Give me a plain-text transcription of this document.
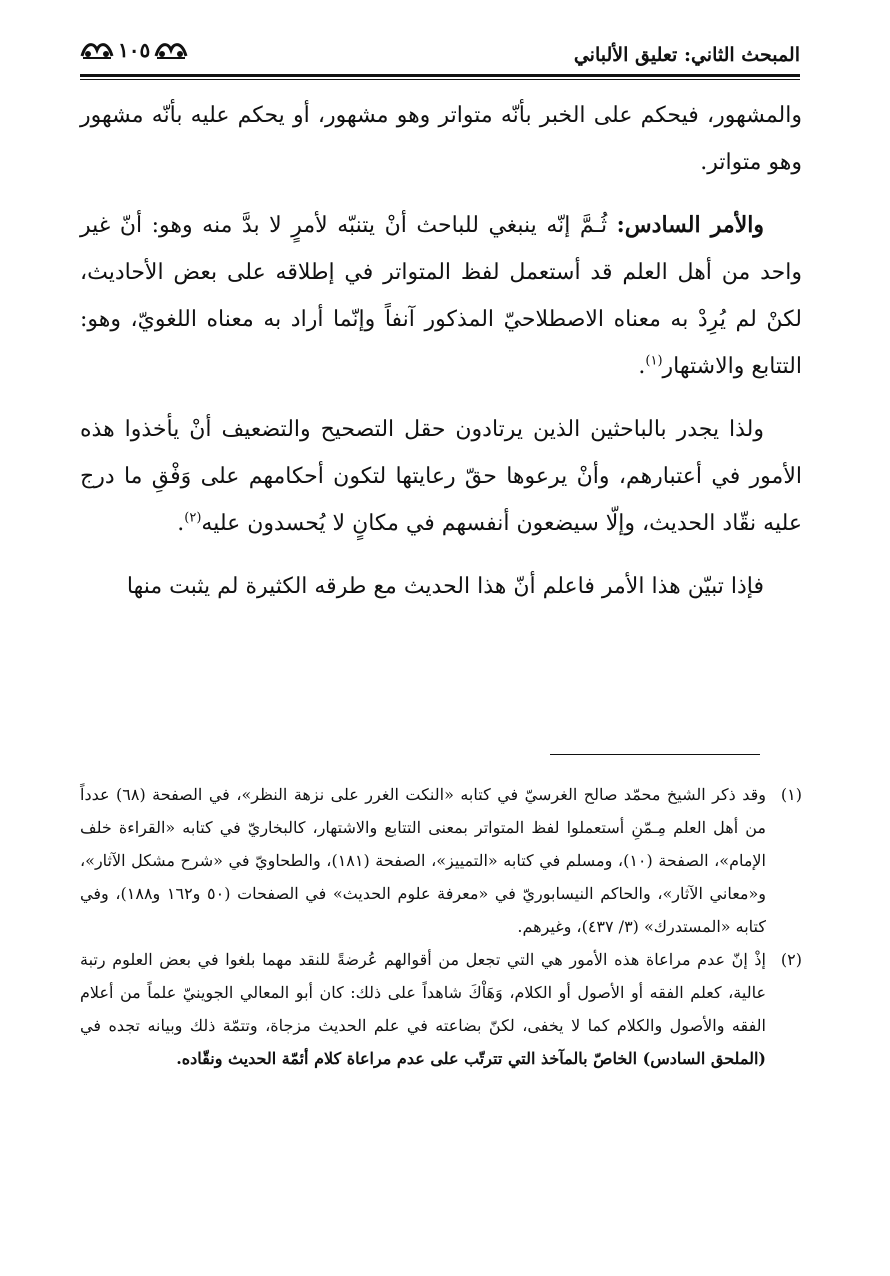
المبحث الثاني: تعليق الألباني
١٠٥

والمشهور، فيحكم على الخبر بأنّه متواتر وهو مشهور، أو يحكم عليه بأنّه مشهور وهو متواتر.

والأمر السادس: ثُـمَّ إنّه ينبغي للباحث أنْ يتنبّه لأمرٍ لا بدَّ منه وهو: أنّ غير واحد من أهل العلم قد أستعمل لفظ المتواتر في إطلاقه على بعض الأحاديث، لكنْ لم يُرِدْ به معناه الاصطلاحيّ المذكور آنفاً وإنّما أراد به معناه اللغويّ، وهو: التتابع والاشتهار$^{(١)}$.

ولذا يجدر بالباحثين الذين يرتادون حقل التصحيح والتضعيف أنْ يأخذوا هذه الأمور في أعتبارهم، وأنْ يرعوها حقّ رعايتها لتكون أحكامهم على وَفْقِ ما درج عليه نقّاد الحديث، وإلّا سيضعون أنفسهم في مكانٍ لا يُحسدون عليه$^{(٢)}$.

فإذا تبيّن هذا الأمر فاعلم أنّ هذا الحديث مع طرقه الكثيرة لم يثبت منها

(١)
وقد ذكر الشيخ محمّد صالح الغرسيّ في كتابه «النكت الغرر على نزهة النظر»، في الصفحة (٦٨) عدداً من أهل العلم مِـمّنِ أستعملوا لفظ المتواتر بمعنى التتابع والاشتهار، كالبخاريّ في كتابه «القراءة خلف الإمام»، الصفحة (١٠)، ومسلم في كتابه «التمييز»، الصفحة (١٨١)، والطحاويّ في «شرح مشكل الآثار»، و«معاني الآثار»، والحاكم النيسابوريّ في «معرفة علوم الحديث» في الصفحات (٥٠ و١٦٢ و١٨٨)، وفي كتابه «المستدرك» (٣/ ٤٣٧)، وغيرهم.

(٢)
إذْ إنّ عدم مراعاة هذه الأمور هي التي تجعل من أقوالهم عُرضةً للنقد مهما بلغوا في بعض العلوم رتبة عالية، كعلم الفقه أو الأصول أو الكلام، وَهَاْكَ شاهداً على ذلك: كان أبو المعالي الجوينيّ علماً من أعلام الفقه والأصول والكلام كما لا يخفى، لكنّ بضاعته في علم الحديث مزجاة، وتتمّة ذلك وبيانه تجده في (الملحق السادس) الخاصّ بالمآخذ التي تترتّب على عدم مراعاة كلام أئمّة الحديث ونقّاده.
